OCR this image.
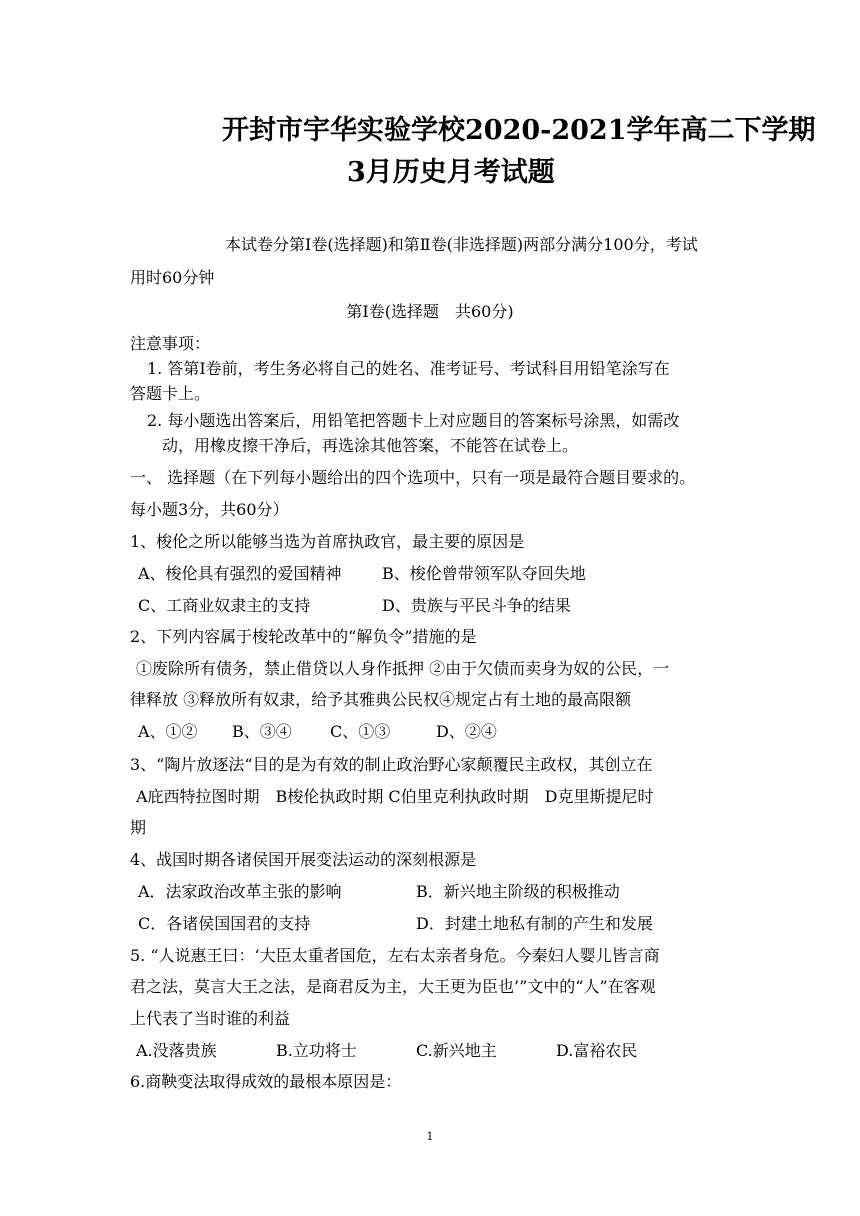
开封市宇华实验学校2020-2021学年高二下学期
3月历史月考试题
本试卷分第Ⅰ卷(选择题)和第Ⅱ卷(非选择题)两部分满分100分，考试
用时60分钟
第Ⅰ卷(选择题　共60分)
注意事项：
1. 答第Ⅰ卷前，考生务必将自己的姓名、准考证号、考试科目用铅笔涂写在
答题卡上。
2. 每小题选出答案后，用铅笔把答题卡上对应题目的答案标号涂黑，如需改
动，用橡皮擦干净后，再选涂其他答案，不能答在试卷上。
一、 选择题（在下列每小题给出的四个选项中，只有一项是最符合题目要求的。
每小题3分，共60分）
1、梭伦之所以能够当选为首席执政官，最主要的原因是
A、梭伦具有强烈的爱国精神	B、梭伦曾带领军队夺回失地
C、工商业奴隶主的支持	D、贵族与平民斗争的结果
2、下列内容属于梭轮改革中的“解负令”措施的是
①废除所有债务，禁止借贷以人身作抵押 ②由于欠债而卖身为奴的公民，一
律释放 ③释放所有奴隶，给予其雅典公民权④规定占有土地的最高限额
A、①② B、③④ C、①③	D、②④
3、“陶片放逐法“目的是为有效的制止政治野心家颠覆民主政权，其创立在
A庇西特拉图时期　B梭伦执政时期 C伯里克利执政时期　D克里斯提尼时
期
4、战国时期各诸侯国开展变法运动的深刻根源是
A．法家政治改革主张的影响	B．新兴地主阶级的积极推动
C．各诸侯国国君的支持	D．封建土地私有制的产生和发展
5. “人说惠王曰：‘大臣太重者国危，左右太亲者身危。今秦妇人婴儿皆言商
君之法，莫言大王之法，是商君反为主，大王更为臣也’”文中的“人”在客观
上代表了当时谁的利益
A.没落贵族	B.立功将士	C.新兴地主	D.富裕农民
6.商鞅变法取得成效的最根本原因是：
1
